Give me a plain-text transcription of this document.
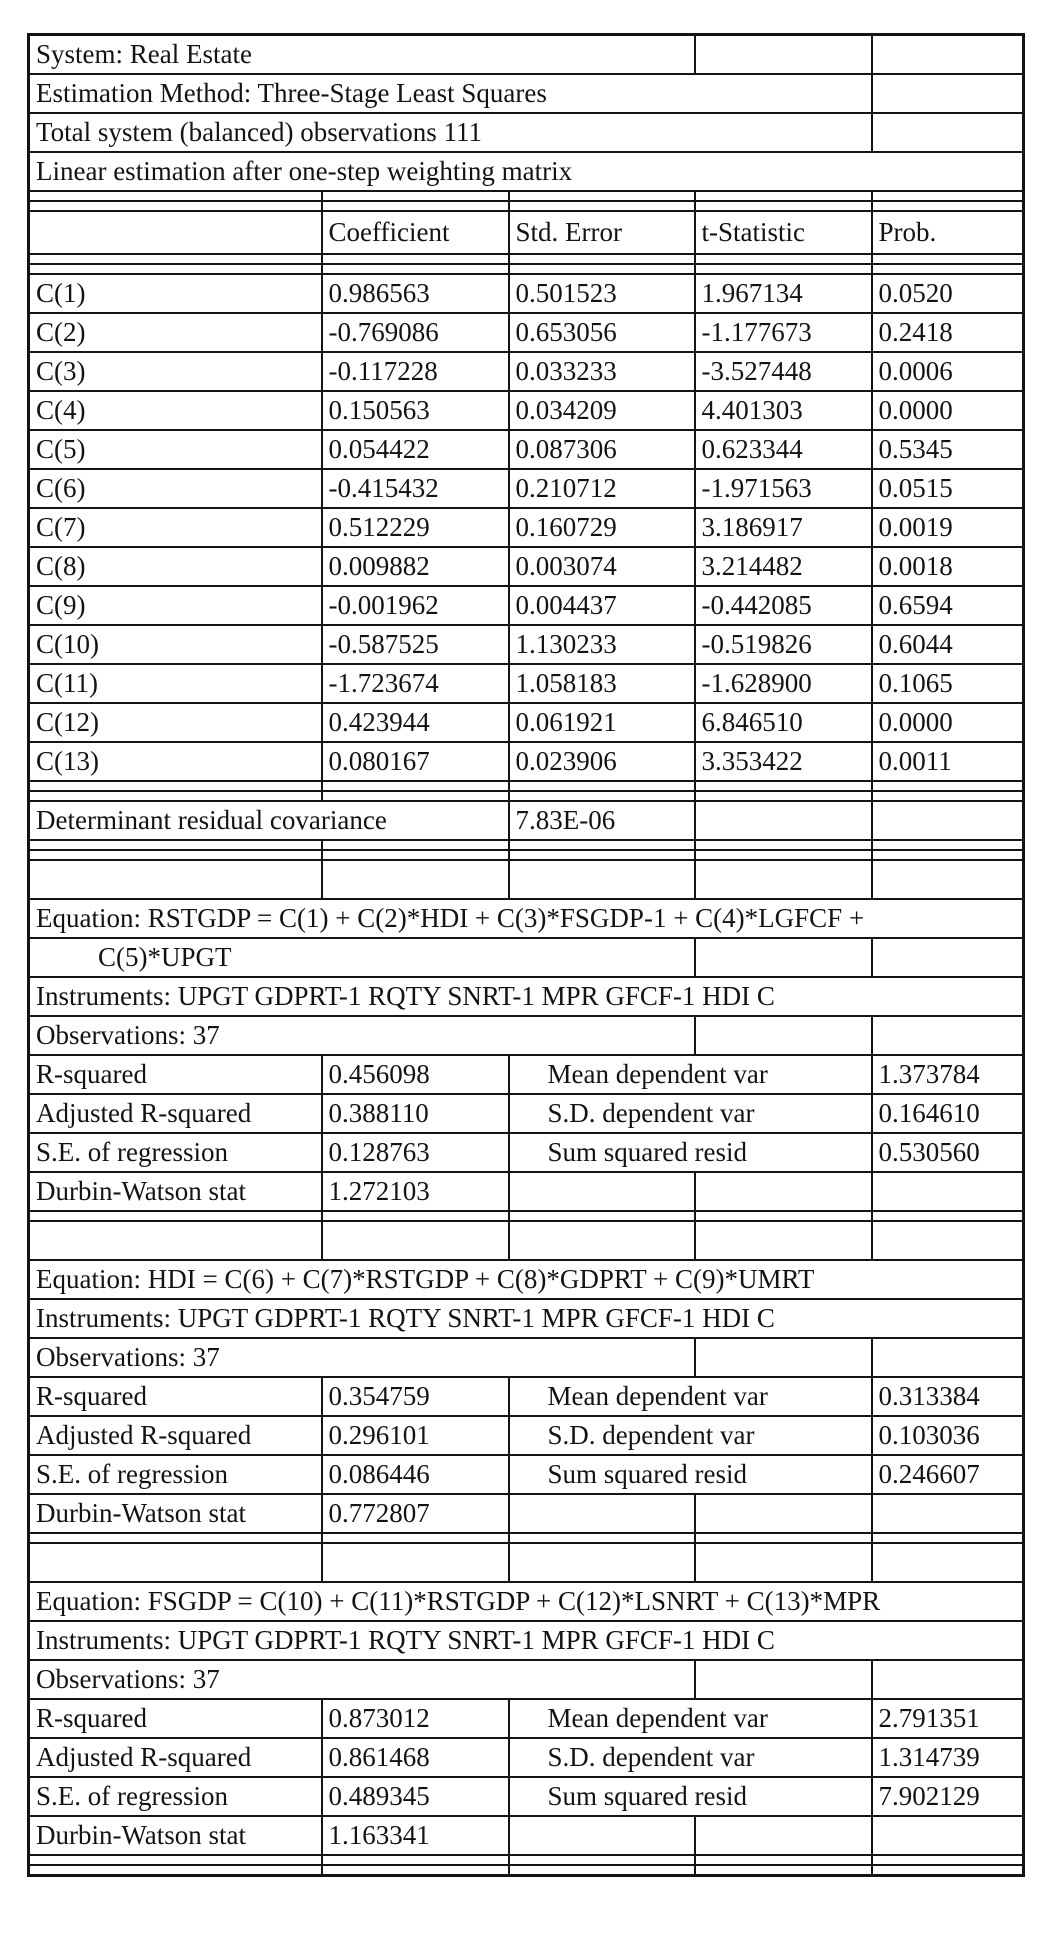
System: Real Estate				
Estimation Method: Three-Stage Least Squares				
Total system (balanced) observations 111				
Linear estimation after one-step weighting matrix				

	Coefficient	Std. Error	t-Statistic	Prob.

C(1)	0.986563	0.501523	1.967134	0.0520
C(2)	-0.769086	0.653056	-1.177673	0.2418
C(3)	-0.117228	0.033233	-3.527448	0.0006
C(4)	0.150563	0.034209	4.401303	0.0000
C(5)	0.054422	0.087306	0.623344	0.5345
C(6)	-0.415432	0.210712	-1.971563	0.0515
C(7)	0.512229	0.160729	3.186917	0.0019
C(8)	0.009882	0.003074	3.214482	0.0018
C(9)	-0.001962	0.004437	-0.442085	0.6594
C(10)	-0.587525	1.130233	-0.519826	0.6044
C(11)	-1.723674	1.058183	-1.628900	0.1065
C(12)	0.423944	0.061921	6.846510	0.0000
C(13)	0.080167	0.023906	3.353422	0.0011

Determinant residual covariance		7.83E-06		

Equation: RSTGDP = C(1) + C(2)*HDI + C(3)*FSGDP-1 + C(4)*LGFCF +				
C(5)*UPGT				
Instruments: UPGT GDPRT-1 RQTY SNRT-1 MPR GFCF-1 HDI C				
Observations: 37				
R-squared	0.456098	Mean dependent var		1.373784
Adjusted R-squared	0.388110	S.D. dependent var		0.164610
S.E. of regression	0.128763	Sum squared resid		0.530560
Durbin-Watson stat	1.272103			

Equation: HDI = C(6) + C(7)*RSTGDP + C(8)*GDPRT + C(9)*UMRT				
Instruments: UPGT GDPRT-1 RQTY SNRT-1 MPR GFCF-1 HDI C				
Observations: 37				
R-squared	0.354759	Mean dependent var		0.313384
Adjusted R-squared	0.296101	S.D. dependent var		0.103036
S.E. of regression	0.086446	Sum squared resid		0.246607
Durbin-Watson stat	0.772807			

Equation: FSGDP = C(10) + C(11)*RSTGDP + C(12)*LSNRT + C(13)*MPR				
Instruments: UPGT GDPRT-1 RQTY SNRT-1 MPR GFCF-1 HDI C				
Observations: 37				
R-squared	0.873012	Mean dependent var		2.791351
Adjusted R-squared	0.861468	S.D. dependent var		1.314739
S.E. of regression	0.489345	Sum squared resid		7.902129
Durbin-Watson stat	1.163341			
